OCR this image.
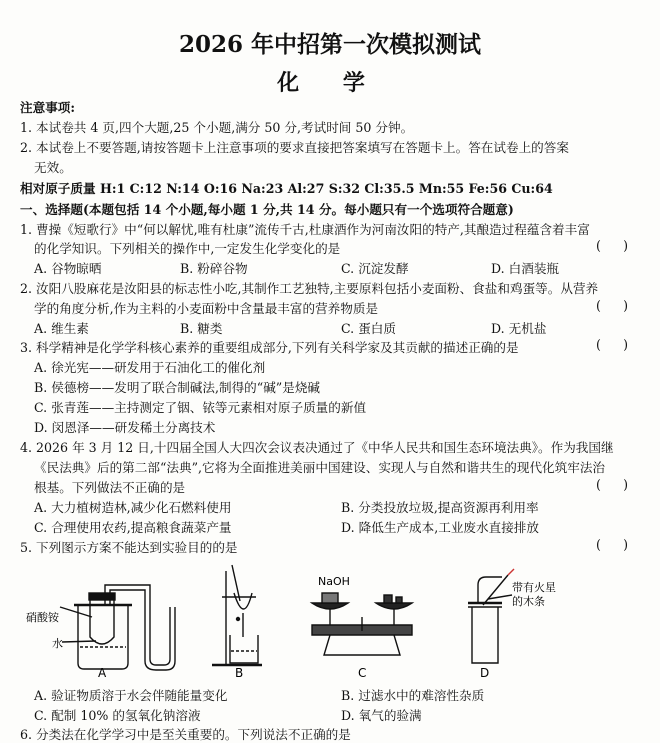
2026 年中招第一次模拟测试
化 学
注意事项:
1. 本试卷共 4 页,四个大题,25 个小题,满分 50 分,考试时间 50 分钟。
2. 本试卷上不要答题,请按答题卡上注意事项的要求直接把答案填写在答题卡上。答在试卷上的答案
无效。
相对原子质量 H:1 C:12 N:14 O:16 Na:23 Al:27 S:32 Cl:35.5 Mn:55 Fe:56 Cu:64
一、选择题(本题包括 14 个小题,每小题 1 分,共 14 分。每小题只有一个选项符合题意)
1. 曹操《短歌行》中“何以解忧,唯有杜康”流传千古,杜康酒作为河南汝阳的特产,其酿造过程蕴含着丰富
的化学知识。下列相关的操作中,一定发生化学变化的是
( )
A. 谷物晾晒	B. 粉碎谷物	C. 沉淀发酵	D. 白酒装瓶
2. 汝阳八股麻花是汝阳县的标志性小吃,其制作工艺独特,主要原料包括小麦面粉、食盐和鸡蛋等。从营养
学的角度分析,作为主料的小麦面粉中含量最丰富的营养物质是
( )
A. 维生素	B. 糖类	C. 蛋白质	D. 无机盐
3. 科学精神是化学学科核心素养的重要组成部分,下列有关科学家及其贡献的描述正确的是
( )
A. 徐光宪——研发用于石油化工的催化剂
B. 侯德榜——发明了联合制碱法,制得的“碱”是烧碱
C. 张青莲——主持测定了铟、铱等元素相对原子质量的新值
D. 闵恩泽——研发稀土分离技术
4. 2026 年 3 月 12 日,十四届全国人大四次会议表决通过了《中华人民共和国生态环境法典》。作为我国继
《民法典》后的第二部“法典”,它将为全面推进美丽中国建设、实现人与自然和谐共生的现代化筑牢法治
根基。下列做法不正确的是
( )
A. 大力植树造林,减少化石燃料使用	B. 分类投放垃圾,提高资源再利用率
C. 合理使用农药,提高粮食蔬菜产量	D. 降低生产成本,工业废水直接排放
5. 下列图示方案不能达到实验目的的是
( )
硝酸铵
水
A	B
NaOH
C
带有火星
的木条
D
A. 验证物质溶于水会伴随能量变化	B. 过滤水中的难溶性杂质
C. 配制 10% 的氢氧化钠溶液	D. 氧气的验满
6. 分类法在化学学习中是至关重要的。下列说法不正确的是
